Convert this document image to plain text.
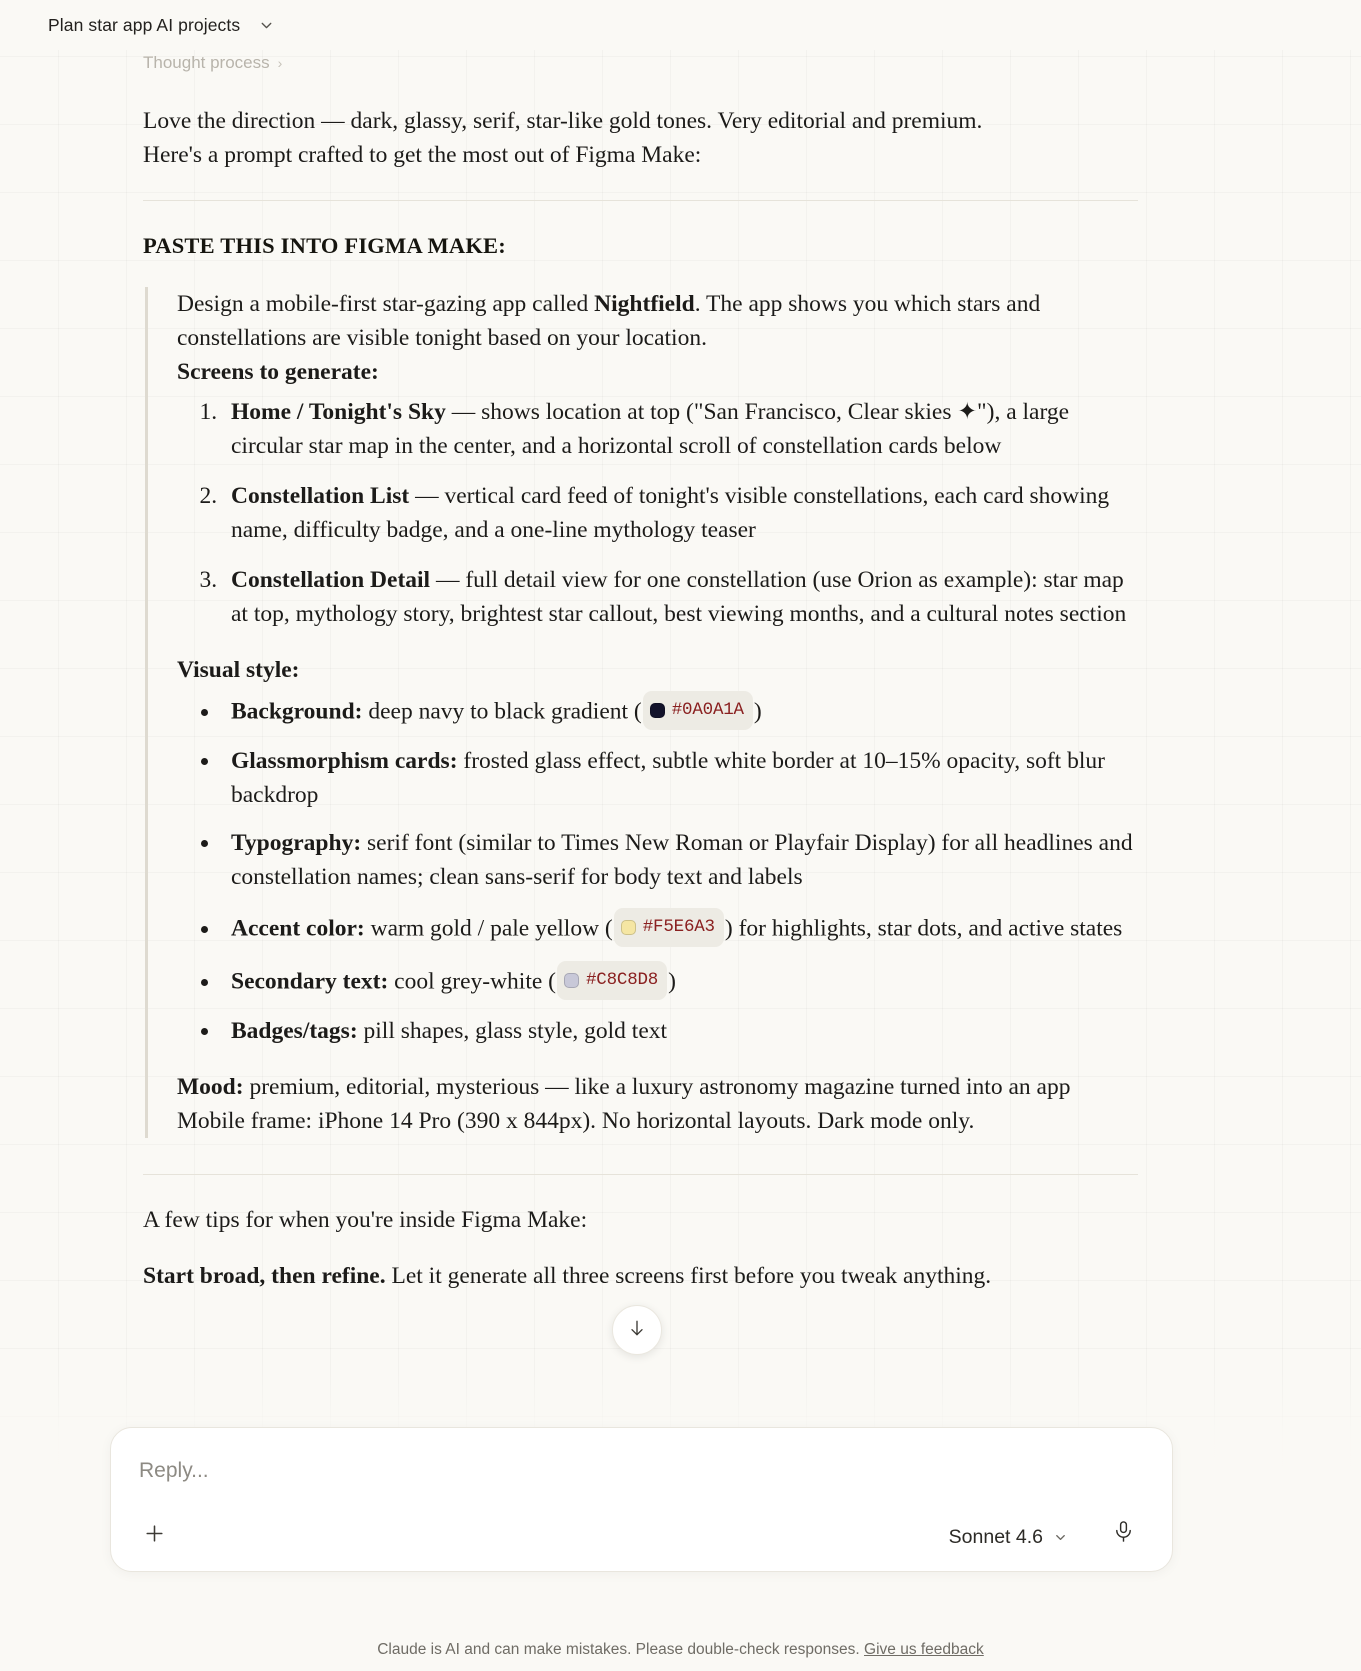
Plan star app AI projects
Thought process ›
Love the direction — dark, glassy, serif, star-like gold tones. Very editorial and premium.
Here's a prompt crafted to get the most out of Figma Make:
PASTE THIS INTO FIGMA MAKE:

Design a mobile-first star-gazing app called Nightfield. The app shows you which stars and constellations are visible tonight based on your location.

Screens to generate:

1. Home / Tonight's Sky — shows location at top ("San Francisco, Clear skies ✦"), a large circular star map in the center, and a horizontal scroll of constellation cards below
2. Constellation List — vertical card feed of tonight's visible constellations, each card showing name, difficulty badge, and a one-line mythology teaser
3. Constellation Detail — full detail view for one constellation (use Orion as example): star map at top, mythology story, brightest star callout, best viewing months, and a cultural notes section

Visual style:

• Background: deep navy to black gradient ( #0A0A1A )
• Glassmorphism cards: frosted glass effect, subtle white border at 10–15% opacity, soft blur backdrop
• Typography: serif font (similar to Times New Roman or Playfair Display) for all headlines and constellation names; clean sans-serif for body text and labels
• Accent color: warm gold / pale yellow ( #F5E6A3 ) for highlights, star dots, and active states
• Secondary text: cool grey-white ( #C8C8D8 )
• Badges/tags: pill shapes, glass style, gold text

Mood: premium, editorial, mysterious — like a luxury astronomy magazine turned into an app

Mobile frame: iPhone 14 Pro (390 x 844px). No horizontal layouts. Dark mode only.

A few tips for when you're inside Figma Make:
Start broad, then refine. Let it generate all three screens first before you tweak anything.
Reply...
Sonnet 4.6
Claude is AI and can make mistakes. Please double-check responses. Give us feedback
